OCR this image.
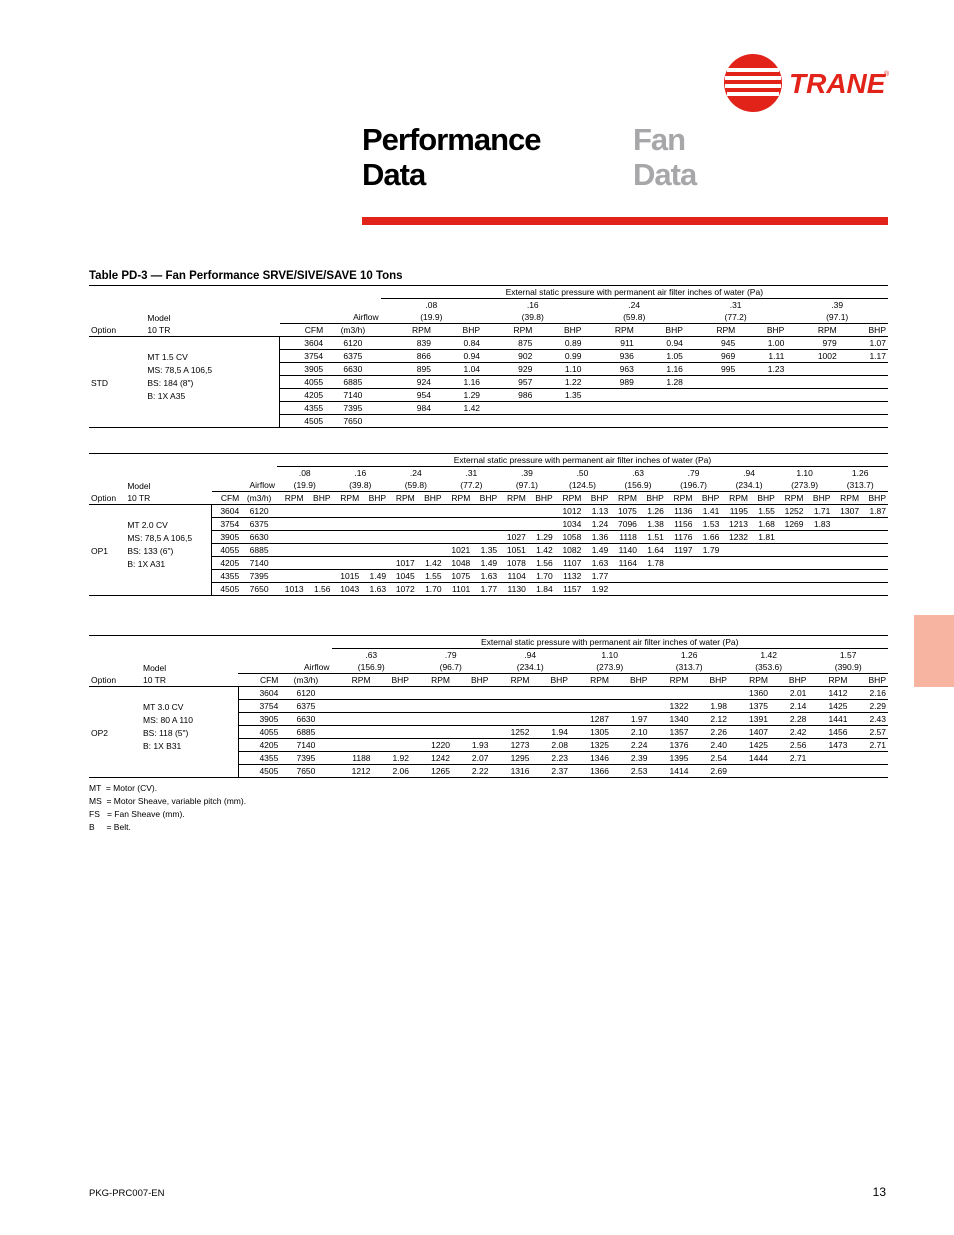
TRANE
®
Performance
Data
Fan
Data
Table PD-3 — Fan Performance SRVE/SIVE/SAVE 10 Tons
				External static pressure with permanent air filter inches of water (Pa)									
				.08		.16		.24		.31		.39	
	Model	Airflow		(19.9)		(39.8)		(59.8)		(77.2)		(97.1)	
Option	10 TR	CFM	(m3/h)	RPM	BHP	RPM	BHP	RPM	BHP	RPM	BHP	RPM	BHP
		3604	6120	839	0.84	875	0.89	911	0.94	945	1.00	979	1.07
	MT 1.5 CV	3754	6375	866	0.94	902	0.99	936	1.05	969	1.11	1002	1.17
	MS: 78,5 A 106,5	3905	6630	895	1.04	929	1.10	963	1.16	995	1.23		
STD	BS: 184 (8")	4055	6885	924	1.16	957	1.22	989	1.28				
	B: 1X A35	4205	7140	954	1.29	986	1.35						
		4355	7395	984	1.42								
		4505	7650										
				External static pressure with permanent air filter inches of water (Pa)																					
				.08		.16		.24		.31		.39		.50		.63		.79		.94		1.10		1.26	
	Model	Airflow		(19.9)		(39.8)		(59.8)		(77.2)		(97.1)		(124.5)		(156.9)		(196.7)		(234.1)		(273.9)		(313.7)	
Option	10 TR	CFM	(m3/h)	RPM	BHP	RPM	BHP	RPM	BHP	RPM	BHP	RPM	BHP	RPM	BHP	RPM	BHP	RPM	BHP	RPM	BHP	RPM	BHP	RPM	BHP
		3604	6120											1012	1.13	1075	1.26	1136	1.41	1195	1.55	1252	1.71	1307	1.87
	MT 2.0 CV	3754	6375											1034	1.24	7096	1.38	1156	1.53	1213	1.68	1269	1.83		
	MS: 78,5 A 106,5	3905	6630									1027	1.29	1058	1.36	1118	1.51	1176	1.66	1232	1.81				
OP1	BS: 133 (6")	4055	6885							1021	1.35	1051	1.42	1082	1.49	1140	1.64	1197	1.79						
	B: 1X A31	4205	7140					1017	1.42	1048	1.49	1078	1.56	1107	1.63	1164	1.78								
		4355	7395			1015	1.49	1045	1.55	1075	1.63	1104	1.70	1132	1.77										
		4505	7650	1013	1.56	1043	1.63	1072	1.70	1101	1.77	1130	1.84	1157	1.92										
				External static pressure with permanent air filter inches of water (Pa)													
				.63		.79		.94		1.10		1.26		1.42		1.57	
	Model	Airflow		(156.9)		(96.7)		(234.1)		(273.9)		(313.7)		(353.6)		(390.9)	
Option	10 TR	CFM	(m3/h)	RPM	BHP	RPM	BHP	RPM	BHP	RPM	BHP	RPM	BHP	RPM	BHP	RPM	BHP
		3604	6120											1360	2.01	1412	2.16
	MT 3.0 CV	3754	6375									1322	1.98	1375	2.14	1425	2.29
	MS: 80 A 110	3905	6630							1287	1.97	1340	2.12	1391	2.28	1441	2.43
OP2	BS: 118 (5")	4055	6885					1252	1.94	1305	2.10	1357	2.26	1407	2.42	1456	2.57
	B: 1X B31	4205	7140			1220	1.93	1273	2.08	1325	2.24	1376	2.40	1425	2.56	1473	2.71
		4355	7395	1188	1.92	1242	2.07	1295	2.23	1346	2.39	1395	2.54	1444	2.71		
		4505	7650	1212	2.06	1265	2.22	1316	2.37	1366	2.53	1414	2.69				
MT  = Motor (CV).
MS  = Motor Sheave, variable pitch (mm).
FS   = Fan Sheave (mm).
B     = Belt.
PKG-PRC007-EN	13
